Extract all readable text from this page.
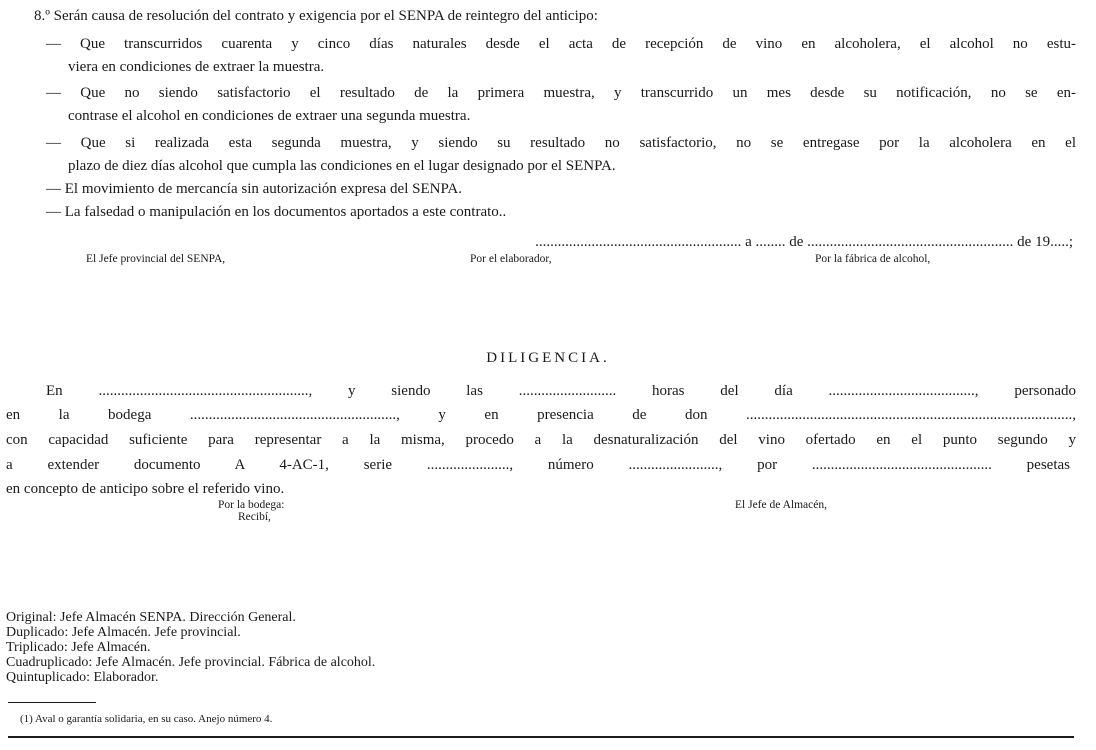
8.º Serán causa de resolución del contrato y exigencia por el SENPA de reintegro del anticipo:
— Que transcurridos cuarenta y cinco días naturales desde el acta de recepción de vino en alcoholera, el alcohol no estu-
viera en condiciones de extraer la muestra.
— Que no siendo satisfactorio el resultado de la primera muestra, y transcurrido un mes desde su notificación, no se en-
contrase el alcohol en condiciones de extraer una segunda muestra.
— Que si realizada esta segunda muestra, y siendo su resultado no satisfactorio, no se entregase por la alcoholera en el
plazo de diez días alcohol que cumpla las condiciones en el lugar designado por el SENPA.
— El movimiento de mercancía sin autorización expresa del SENPA.
— La falsedad o manipulación en los documentos aportados a este contrato..
....................................................... a ........ de ....................................................... de 19.....;
El Jefe provincial del SENPA,	Por el elaborador,	Por la fábrica de alcohol,
DILIGENCIA.
En ........................................................, y siendo las .......................... horas del día ......................................., personado
en la bodega ......................................................., y en presencia de don .......................................................................................,
con capacidad suficiente para representar a la misma, procedo a la desnaturalización del vino ofertado en el punto segundo y
a extender documento A 4-AC-1, serie ......................, número ........................, por ................................................ pesetas
en concepto de anticipo sobre el referido vino.
Por la bodega:
Recibí,
El Jefe de Almacén,
Original: Jefe Almacén SENPA. Dirección General.
Duplicado: Jefe Almacén. Jefe provincial.
Triplicado: Jefe Almacén.
Cuadruplicado: Jefe Almacén. Jefe provincial. Fábrica de alcohol.
Quintuplicado: Elaborador.
(1) Aval o garantía solidaria, en su caso. Anejo número 4.
